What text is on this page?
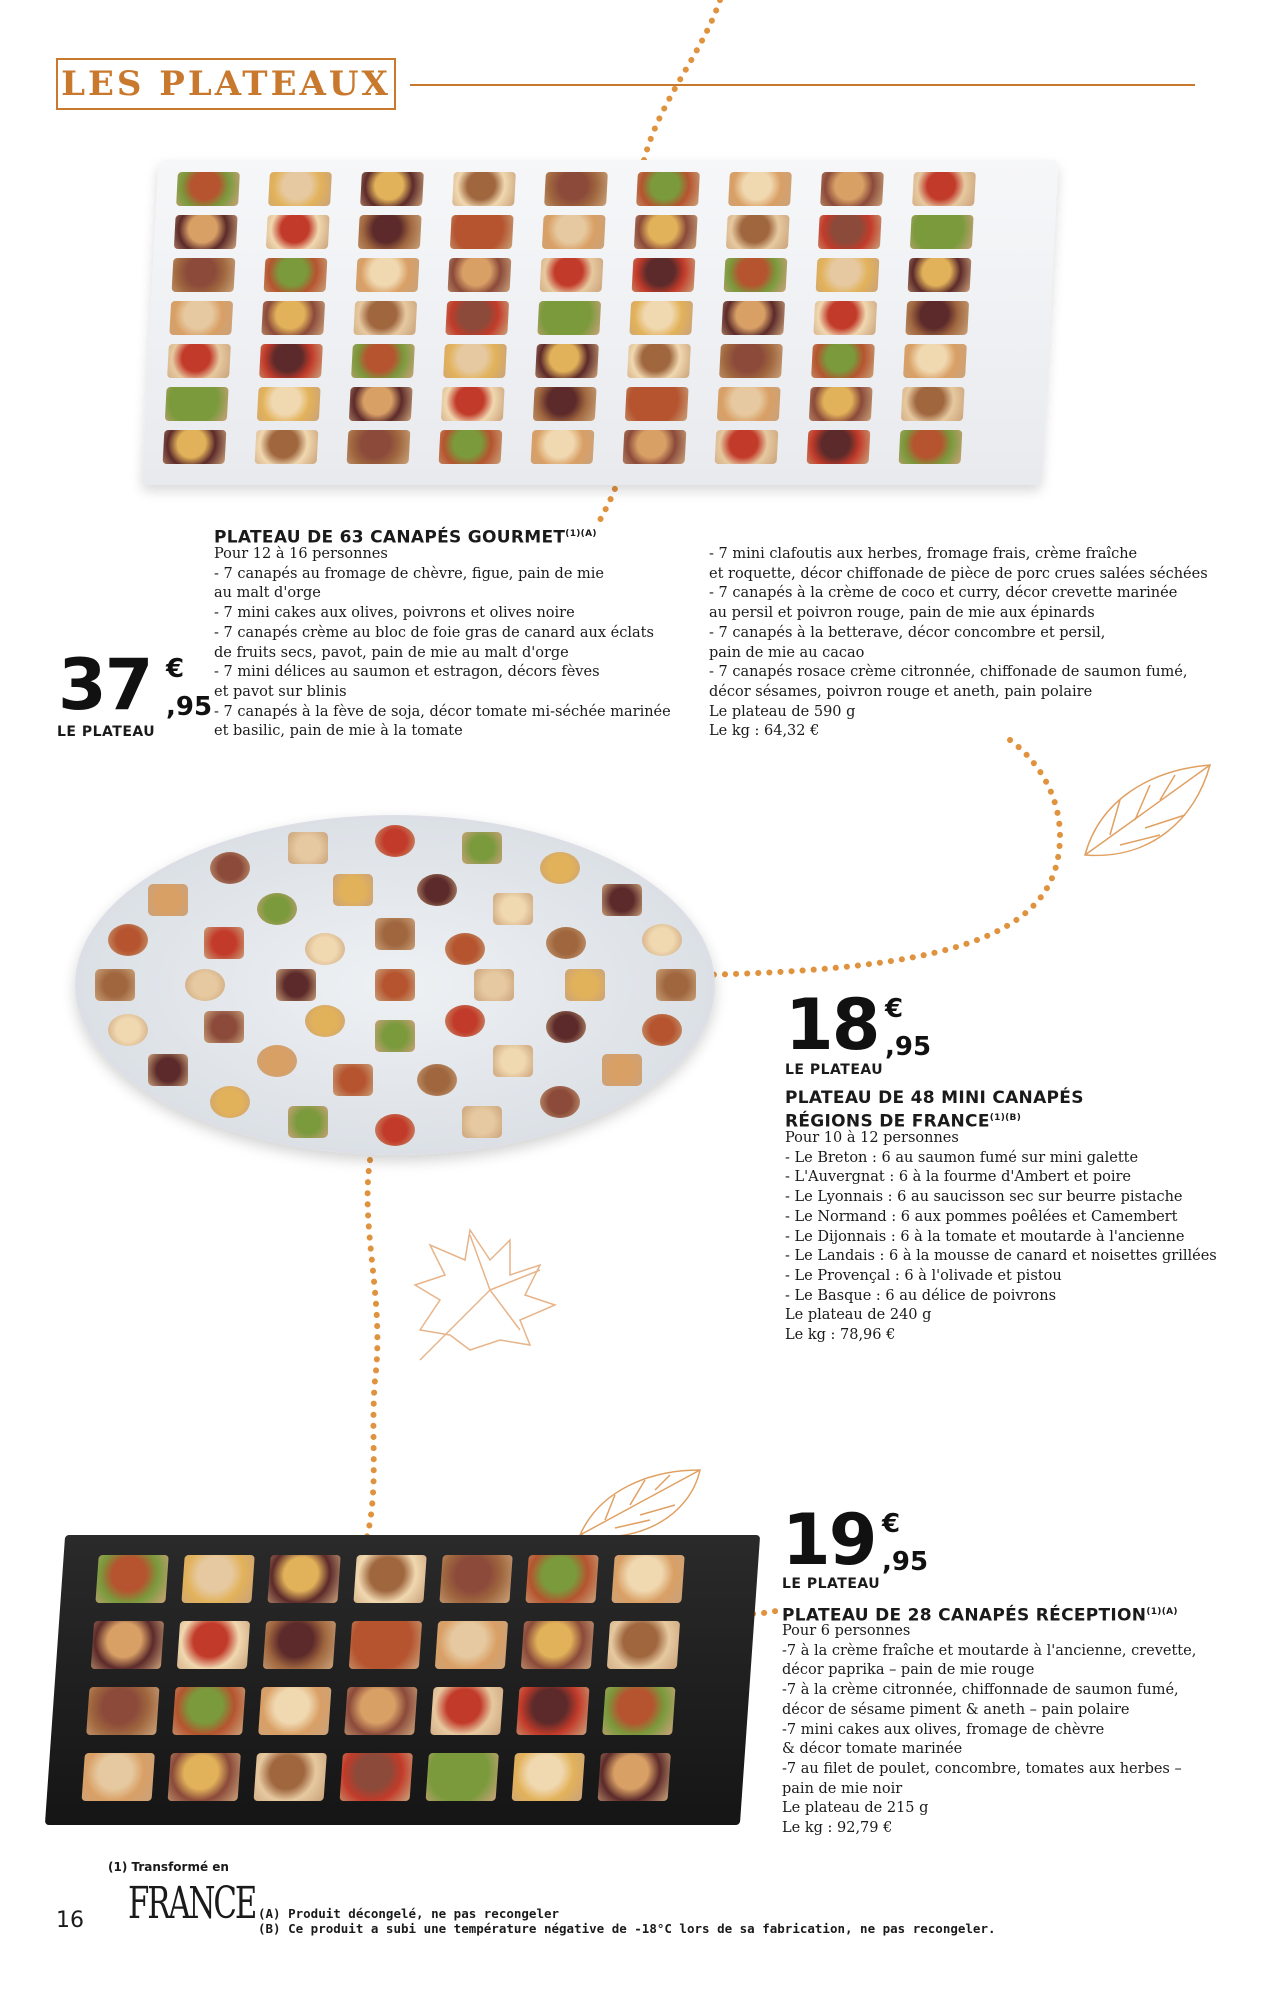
LES PLATEAUX
37 €
,95
LE PLATEAU
PLATEAU DE 63 CANAPÉS $GOURMET^{(1)(A)}$
Pour 12 à 16 personnes
- 7 canapés au fromage de chèvre, figue, pain de mie
au malt d'orge
- 7 mini cakes aux olives, poivrons et olives noire
- 7 canapés crème au bloc de foie gras de canard aux éclats
de fruits secs, pavot, pain de mie au malt d'orge
- 7 mini délices au saumon et estragon, décors fèves
et pavot sur blinis
- 7 canapés à la fève de soja, décor tomate mi-séchée marinée
et basilic, pain de mie à la tomate
- 7 mini clafoutis aux herbes, fromage frais, crème fraîche
et roquette, décor chiffonade de pièce de porc crues salées séchées
- 7 canapés à la crème de coco et curry, décor crevette marinée
au persil et poivron rouge, pain de mie aux épinards
- 7 canapés à la betterave, décor concombre et persil,
pain de mie au cacao
- 7 canapés rosace crème citronnée, chiffonade de saumon fumé,
décor sésames, poivron rouge et aneth, pain polaire
Le plateau de 590 g
Le kg : 64,32 €
18 €
,95
LE PLATEAU
PLATEAU DE 48 MINI CANAPÉS
RÉGIONS DE $FRANCE^{(1)(B)}$
Pour 10 à 12 personnes
- Le Breton : 6 au saumon fumé sur mini galette
- L'Auvergnat : 6 à la fourme d'Ambert et poire
- Le Lyonnais : 6 au saucisson sec sur beurre pistache
- Le Normand : 6 aux pommes poêlées et Camembert
- Le Dijonnais : 6 à la tomate et moutarde à l'ancienne
- Le Landais : 6 à la mousse de canard et noisettes grillées
- Le Provençal : 6 à l'olivade et pistou
- Le Basque : 6 au délice de poivrons
Le plateau de 240 g
Le kg : 78,96 €
19 €
,95
LE PLATEAU
PLATEAU DE 28 CANAPÉS $RÉCEPTION^{(1)(A)}$
Pour 6 personnes
-7 à la crème fraîche et moutarde à l'ancienne, crevette,
décor paprika – pain de mie rouge
-7 à la crème citronnée, chiffonnade de saumon fumé,
décor de sésame piment & aneth – pain polaire
-7 mini cakes aux olives, fromage de chèvre
& décor tomate marinée
-7 au filet de poulet, concombre, tomates aux herbes –
pain de mie noir
Le plateau de 215 g
Le kg : 92,79 €
(1) Transformé en
FRANCE
16	(A) Produit décongelé, ne pas recongeler
(B) Ce produit a subi une température négative de -18°C lors de sa fabrication, ne pas recongeler.
